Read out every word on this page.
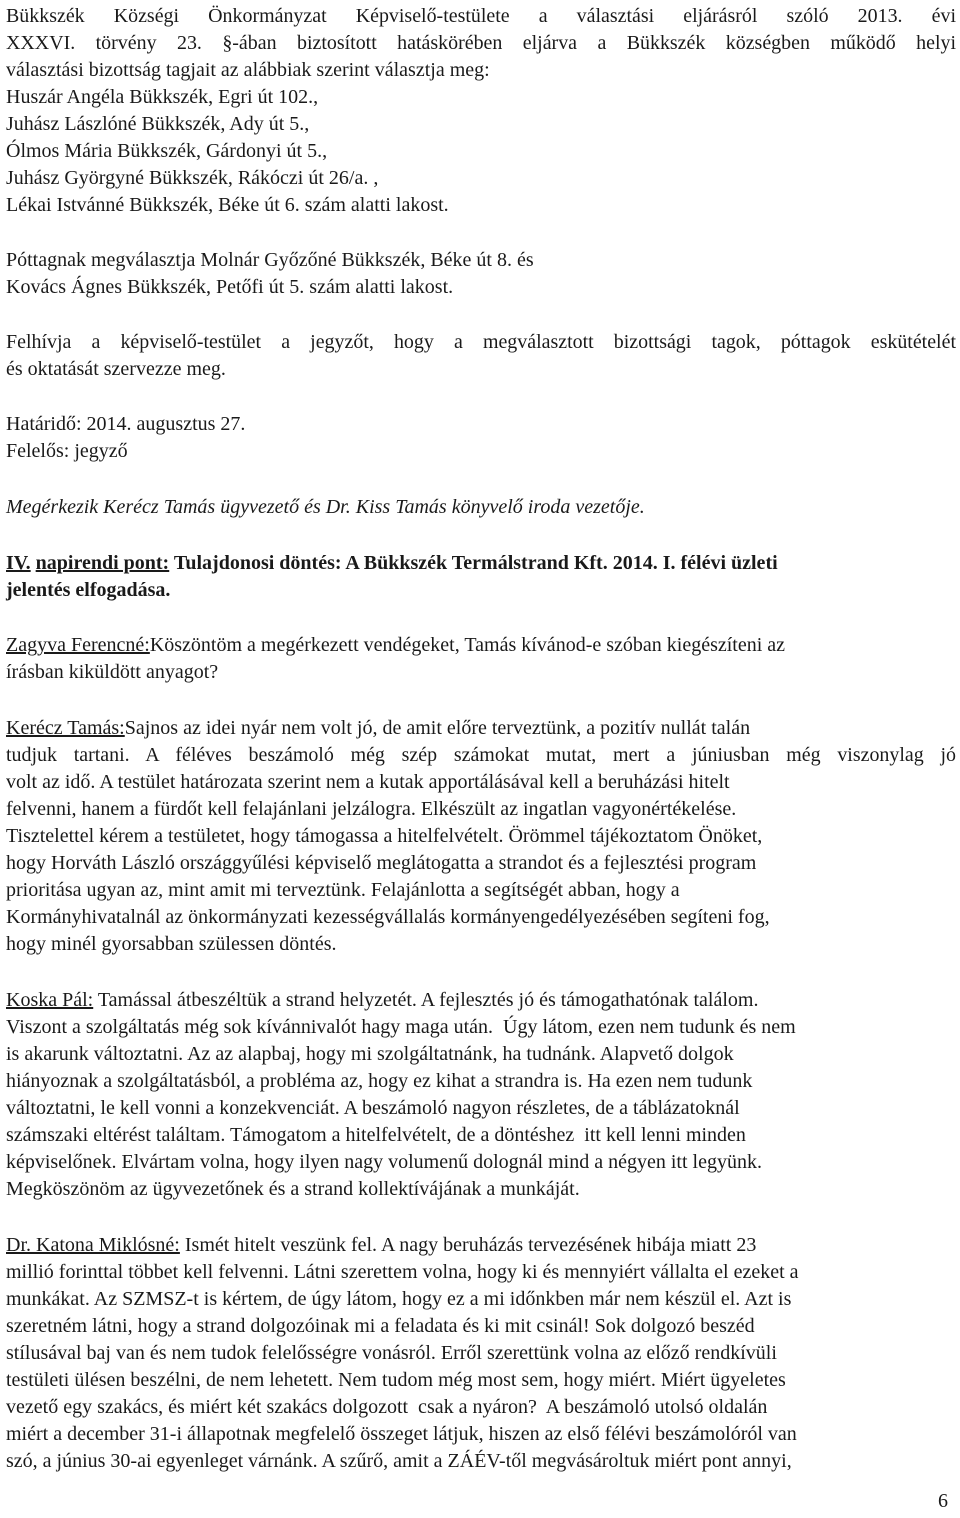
Bükkszék Községi Önkormányzat Képviselő-testülete a választási eljárásról szóló 2013. évi
XXXVI. törvény 23. §-ában biztosított hatáskörében eljárva a Bükkszék községben működő helyi
választási bizottság tagjait az alábbiak szerint választja meg:
Huszár Angéla Bükkszék, Egri út 102.,
Juhász Lászlóné Bükkszék, Ady út 5.,
Ólmos Mária Bükkszék, Gárdonyi út 5.,
Juhász Györgyné Bükkszék, Rákóczi út 26/a. ,
Lékai Istvánné Bükkszék, Béke út 6. szám alatti lakost.
Póttagnak megválasztja Molnár Győzőné Bükkszék, Béke út 8. és
Kovács Ágnes Bükkszék, Petőfi út 5. szám alatti lakost.
Felhívja a képviselő-testület a jegyzőt, hogy a megválasztott bizottsági tagok, póttagok eskütételét
és oktatását szervezze meg.
Határidő: 2014. augusztus 27.
Felelős: jegyző
Megérkezik Kerécz Tamás ügyvezető és Dr. Kiss Tamás könyvelő iroda vezetője.
IV. napirendi pont: Tulajdonosi döntés: A Bükkszék Termálstrand Kft. 2014. I. félévi üzleti
jelentés elfogadása.
Zagyva Ferencné:Köszöntöm a megérkezett vendégeket, Tamás kívánod-e szóban kiegészíteni az
írásban kiküldött anyagot?
Kerécz Tamás:Sajnos az idei nyár nem volt jó, de amit előre terveztünk, a pozitív nullát talán
tudjuk tartani. A féléves beszámoló még szép számokat mutat, mert a júniusban még viszonylag jó
volt az idő. A testület határozata szerint nem a kutak apportálásával kell a beruházási hitelt
felvenni, hanem a fürdőt kell felajánlani jelzálogra. Elkészült az ingatlan vagyonértékelése.
Tisztelettel kérem a testületet, hogy támogassa a hitelfelvételt. Örömmel tájékoztatom Önöket,
hogy Horváth László országgyűlési képviselő meglátogatta a strandot és a fejlesztési program
prioritása ugyan az, mint amit mi terveztünk. Felajánlotta a segítségét abban, hogy a
Kormányhivatalnál az önkormányzati kezességvállalás kormányengedélyezésében segíteni fog,
hogy minél gyorsabban szülessen döntés.
Koska Pál: Tamással átbeszéltük a strand helyzetét. A fejlesztés jó és támogathatónak találom.
Viszont a szolgáltatás még sok kívánnivalót hagy maga után.  Úgy látom, ezen nem tudunk és nem
is akarunk változtatni. Az az alapbaj, hogy mi szolgáltatnánk, ha tudnánk. Alapvető dolgok
hiányoznak a szolgáltatásból, a probléma az, hogy ez kihat a strandra is. Ha ezen nem tudunk
változtatni, le kell vonni a konzekvenciát. A beszámoló nagyon részletes, de a táblázatoknál
számszaki eltérést találtam. Támogatom a hitelfelvételt, de a döntéshez  itt kell lenni minden
képviselőnek. Elvártam volna, hogy ilyen nagy volumenű dolognál mind a négyen itt legyünk.
Megköszönöm az ügyvezetőnek és a strand kollektívájának a munkáját.
Dr. Katona Miklósné: Ismét hitelt veszünk fel. A nagy beruházás tervezésének hibája miatt 23
millió forinttal többet kell felvenni. Látni szerettem volna, hogy ki és mennyiért vállalta el ezeket a
munkákat. Az SZMSZ-t is kértem, de úgy látom, hogy ez a mi időnkben már nem készül el. Azt is
szeretném látni, hogy a strand dolgozóinak mi a feladata és ki mit csinál! Sok dolgozó beszéd
stílusával baj van és nem tudok felelősségre vonásról. Erről szerettünk volna az előző rendkívüli
testületi ülésen beszélni, de nem lehetett. Nem tudom még most sem, hogy miért. Miért ügyeletes
vezető egy szakács, és miért két szakács dolgozott  csak a nyáron?  A beszámoló utolsó oldalán
miért a december 31-i állapotnak megfelelő összeget látjuk, hiszen az első félévi beszámolóról van
szó, a június 30-ai egyenleget várnánk. A szűrő, amit a ZÁÉV-től megvásároltuk miért pont annyi,
6
